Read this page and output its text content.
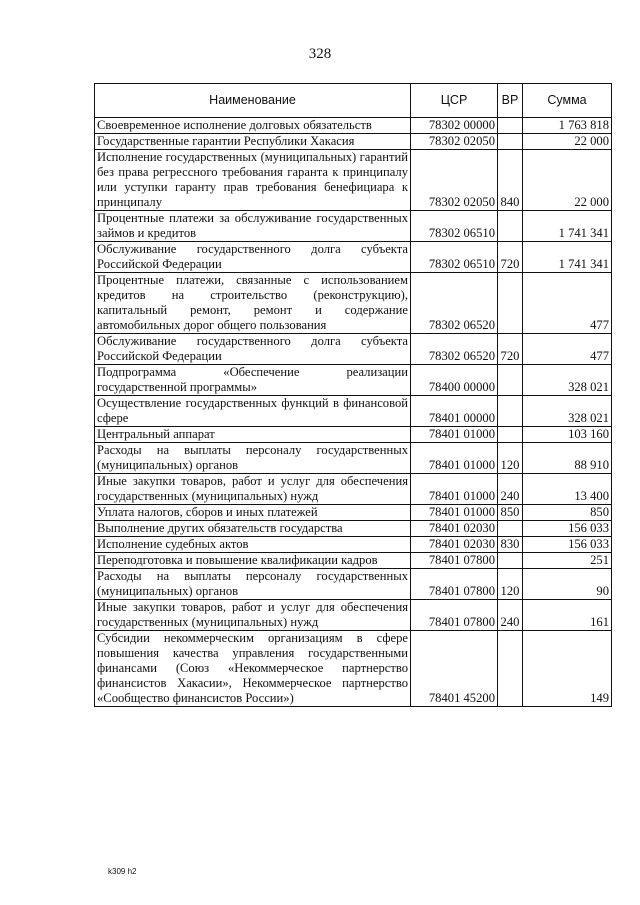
328
Наименование	ЦСР	ВР	Сумма
Своевременное исполнение долговых обязательств	78302 00000		1 763 818
Государственные гарантии Республики Хакасия	78302 02050		22 000
Исполнение государственных (муниципальных) гарантий без права регрессного требования гаранта к принципалу или уступки гаранту прав требования бенефициара к принципалу	78302 02050	840	22 000
Процентные платежи за обслуживание государственных займов и кредитов	78302 06510		1 741 341
Обслуживание государственного долга субъекта Российской Федерации	78302 06510	720	1 741 341
Процентные платежи, связанные с использованием кредитов на строительство (реконструкцию), капитальный ремонт, ремонт и содержание автомобильных дорог общего пользования	78302 06520		477
Обслуживание государственного долга субъекта Российской Федерации	78302 06520	720	477
Подпрограмма «Обеспечение реализации государственной программы»	78400 00000		328 021
Осуществление государственных функций в финансовой сфере	78401 00000		328 021
Центральный аппарат	78401 01000		103 160
Расходы на выплаты персоналу государственных (муниципальных) органов	78401 01000	120	88 910
Иные закупки товаров, работ и услуг для обеспечения государственных (муниципальных) нужд	78401 01000	240	13 400
Уплата налогов, сборов и иных платежей	78401 01000	850	850
Выполнение других обязательств государства	78401 02030		156 033
Исполнение судебных актов	78401 02030	830	156 033
Переподготовка и повышение квалификации кадров	78401 07800		251
Расходы на выплаты персоналу государственных (муниципальных) органов	78401 07800	120	90
Иные закупки товаров, работ и услуг для обеспечения государственных (муниципальных) нужд	78401 07800	240	161
Субсидии некоммерческим организациям в сфере повышения качества управления государственными финансами (Союз «Некоммерческое партнерство финансистов Хакасии», Некоммерческое партнерство «Сообщество финансистов России»)	78401 45200		149
k309 h2
